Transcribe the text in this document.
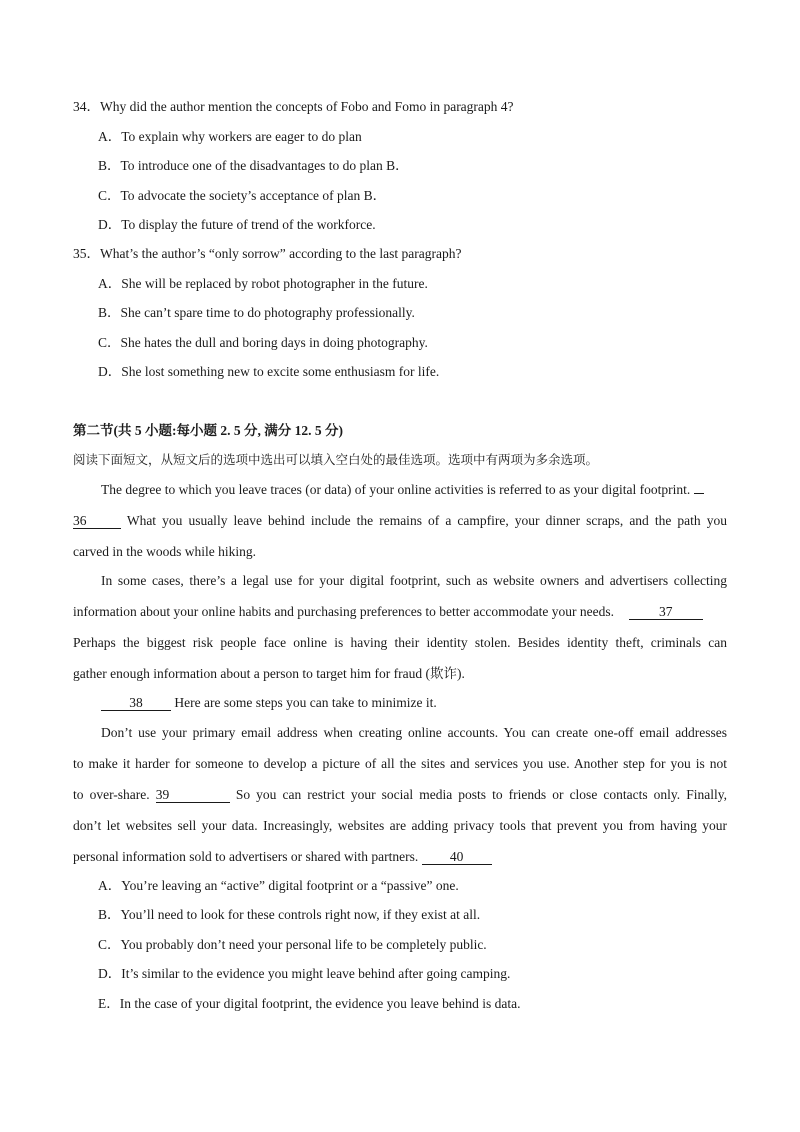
34．Why did the author mention the concepts of Fobo and Fomo in paragraph 4?
A．To explain why workers are eager to do plan
B．To introduce one of the disadvantages to do plan B．
C．To advocate the society’s acceptance of plan B．
D．To display the future of trend of the workforce.
35．What’s the author’s “only sorrow” according to the last paragraph?
A．She will be replaced by robot photographer in the future.
B．She can’t spare time to do photography professionally.
C．She hates the dull and boring days in doing photography.
D．She lost something new to excite some enthusiasm for life.
第二节(共 5 小题:每小题 2. 5 分, 满分 12. 5 分)
阅读下面短文，从短文后的选项中选出可以填入空白处的最佳选项。选项中有两项为多余选项。
The degree to which you leave traces (or data) of your online activities is referred to as your digital footprint.
36	What you usually leave behind include the remains of a campfire, your dinner scraps, and the path you
carved in the woods while hiking.
In some cases, there’s a legal use for your digital footprint, such as website owners and advertisers collecting
information about your online habits and purchasing preferences to better accommodate your needs.	37
Perhaps the biggest risk people face online is having their identity stolen. Besides identity theft, criminals can
gather enough information about a person to target him for fraud (欺诈).
38 Here are some steps you can take to minimize it.
Don’t use your primary email address when creating online accounts. You can create one-off email addresses
to make it harder for someone to develop a picture of all the sites and services you use. Another step for you is not
to over-share. 39	So you can restrict your social media posts to friends or close contacts only. Finally,
don’t let websites sell your data. Increasingly, websites are adding privacy tools that prevent you from having your
personal information sold to advertisers or shared with partners. 40
A．You’re leaving an “active” digital footprint or a “passive” one.
B．You’ll need to look for these controls right now, if they exist at all.
C．You probably don’t need your personal life to be completely public.
D．It’s similar to the evidence you might leave behind after going camping.
E．In the case of your digital footprint, the evidence you leave behind is data.
